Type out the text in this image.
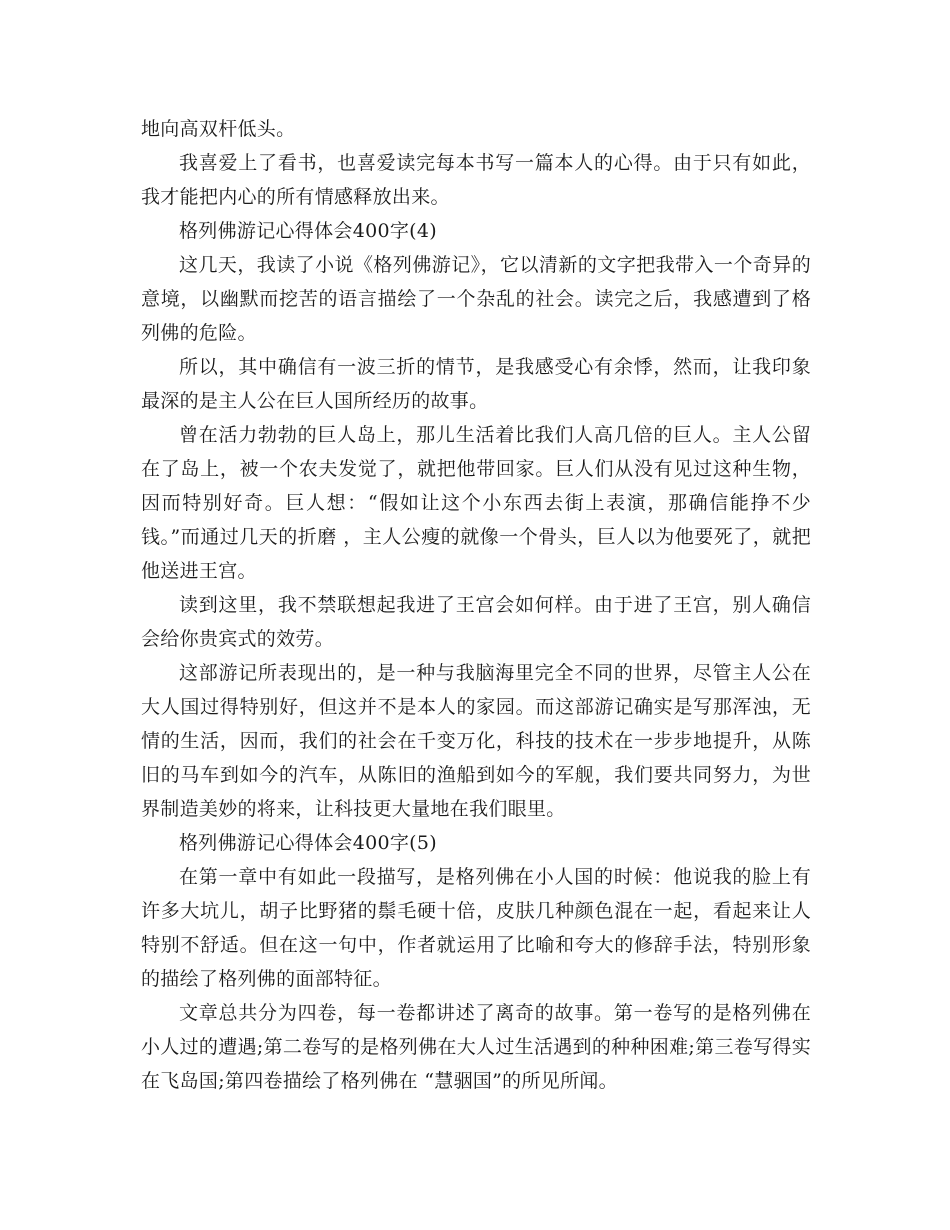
地向高双杆低头。

我喜爱上了看书，也喜爱读完每本书写一篇本人的心得。由于只有如此，我才能把内心的所有情感释放出来。

格列佛游记心得体会400字(4)

这几天，我读了小说《格列佛游记》，它以清新的文字把我带入一个奇异的意境，以幽默而挖苦的语言描绘了一个杂乱的社会。读完之后，我感遭到了格列佛的危险。

所以，其中确信有一波三折的情节，是我感受心有余悸，然而，让我印象最深的是主人公在巨人国所经历的故事。

曾在活力勃勃的巨人岛上，那儿生活着比我们人高几倍的巨人。主人公留在了岛上，被一个农夫发觉了，就把他带回家。巨人们从没有见过这种生物，因而特别好奇。巨人想：“假如让这个小东西去街上表演，那确信能挣不少钱。”而通过几天的折磨 ，主人公瘦的就像一个骨头，巨人以为他要死了，就把他送进王宫。

读到这里，我不禁联想起我进了王宫会如何样。由于进了王宫，别人确信会给你贵宾式的效劳。

这部游记所表现出的，是一种与我脑海里完全不同的世界，尽管主人公在大人国过得特别好，但这并不是本人的家园。而这部游记确实是写那浑浊，无情的生活，因而，我们的社会在千变万化，科技的技术在一步步地提升，从陈旧的马车到如今的汽车，从陈旧的渔船到如今的军舰，我们要共同努力，为世界制造美妙的将来，让科技更大量地在我们眼里。

格列佛游记心得体会400字(5)

在第一章中有如此一段描写，是格列佛在小人国的时候：他说我的脸上有许多大坑儿，胡子比野猪的鬃毛硬十倍，皮肤几种颜色混在一起，看起来让人特别不舒适。但在这一句中，作者就运用了比喻和夸大的修辞手法，特别形象的描绘了格列佛的面部特征。

文章总共分为四卷，每一卷都讲述了离奇的故事。第一卷写的是格列佛在小人过的遭遇;第二卷写的是格列佛在大人过生活遇到的种种困难;第三卷写得实在飞岛国;第四卷描绘了格列佛在 “慧骃国”的所见所闻。
